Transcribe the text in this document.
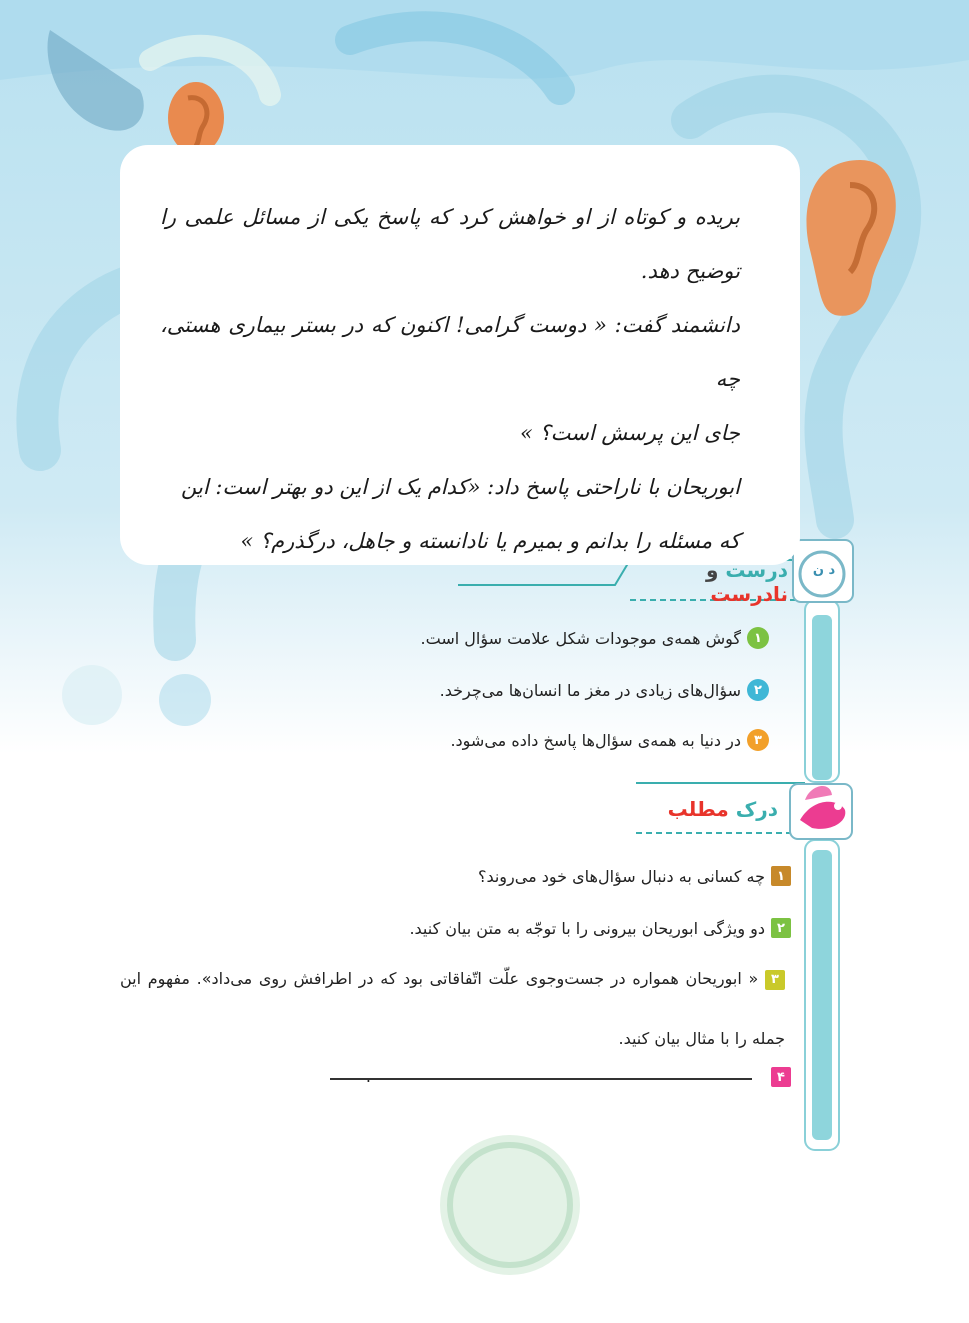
بریده و کوتاه از او خواهش کرد که پاسخ یکی از مسائل علمی را توضیح دهد.

دانشمند گفت: « دوست گرامی! اکنون که در بستر بیماری هستی، چه

جای این پرسش است؟ »

ابوریحان با ناراحتی پاسخ داد: «کدام یک از این دو بهتر است: این

که مسئله را بدانم و بمیرم یا نادانسته و جاهل، درگذرم؟ »

د ن
درست و نادرست
۱
گوش همه‌ی موجودات شکل علامت سؤال است.
۲
سؤال‌های زیادی در مغز ما انسان‌ها می‌چرخد.
۳
در دنیا به همه‌ی سؤال‌ها پاسخ داده می‌شود.
درک مطلب
۱
چه کسانی به دنبال سؤال‌های خود می‌روند؟
۲
دو ویژگی ابوریحان بیرونی را با توجّه به متن بیان کنید.
۳ « ابوریحان همواره در جست‌وجوی علّت اتّفاقاتی بود که در اطرافش روی می‌داد». مفهوم این جمله را با مثال بیان کنید.
۴
.
